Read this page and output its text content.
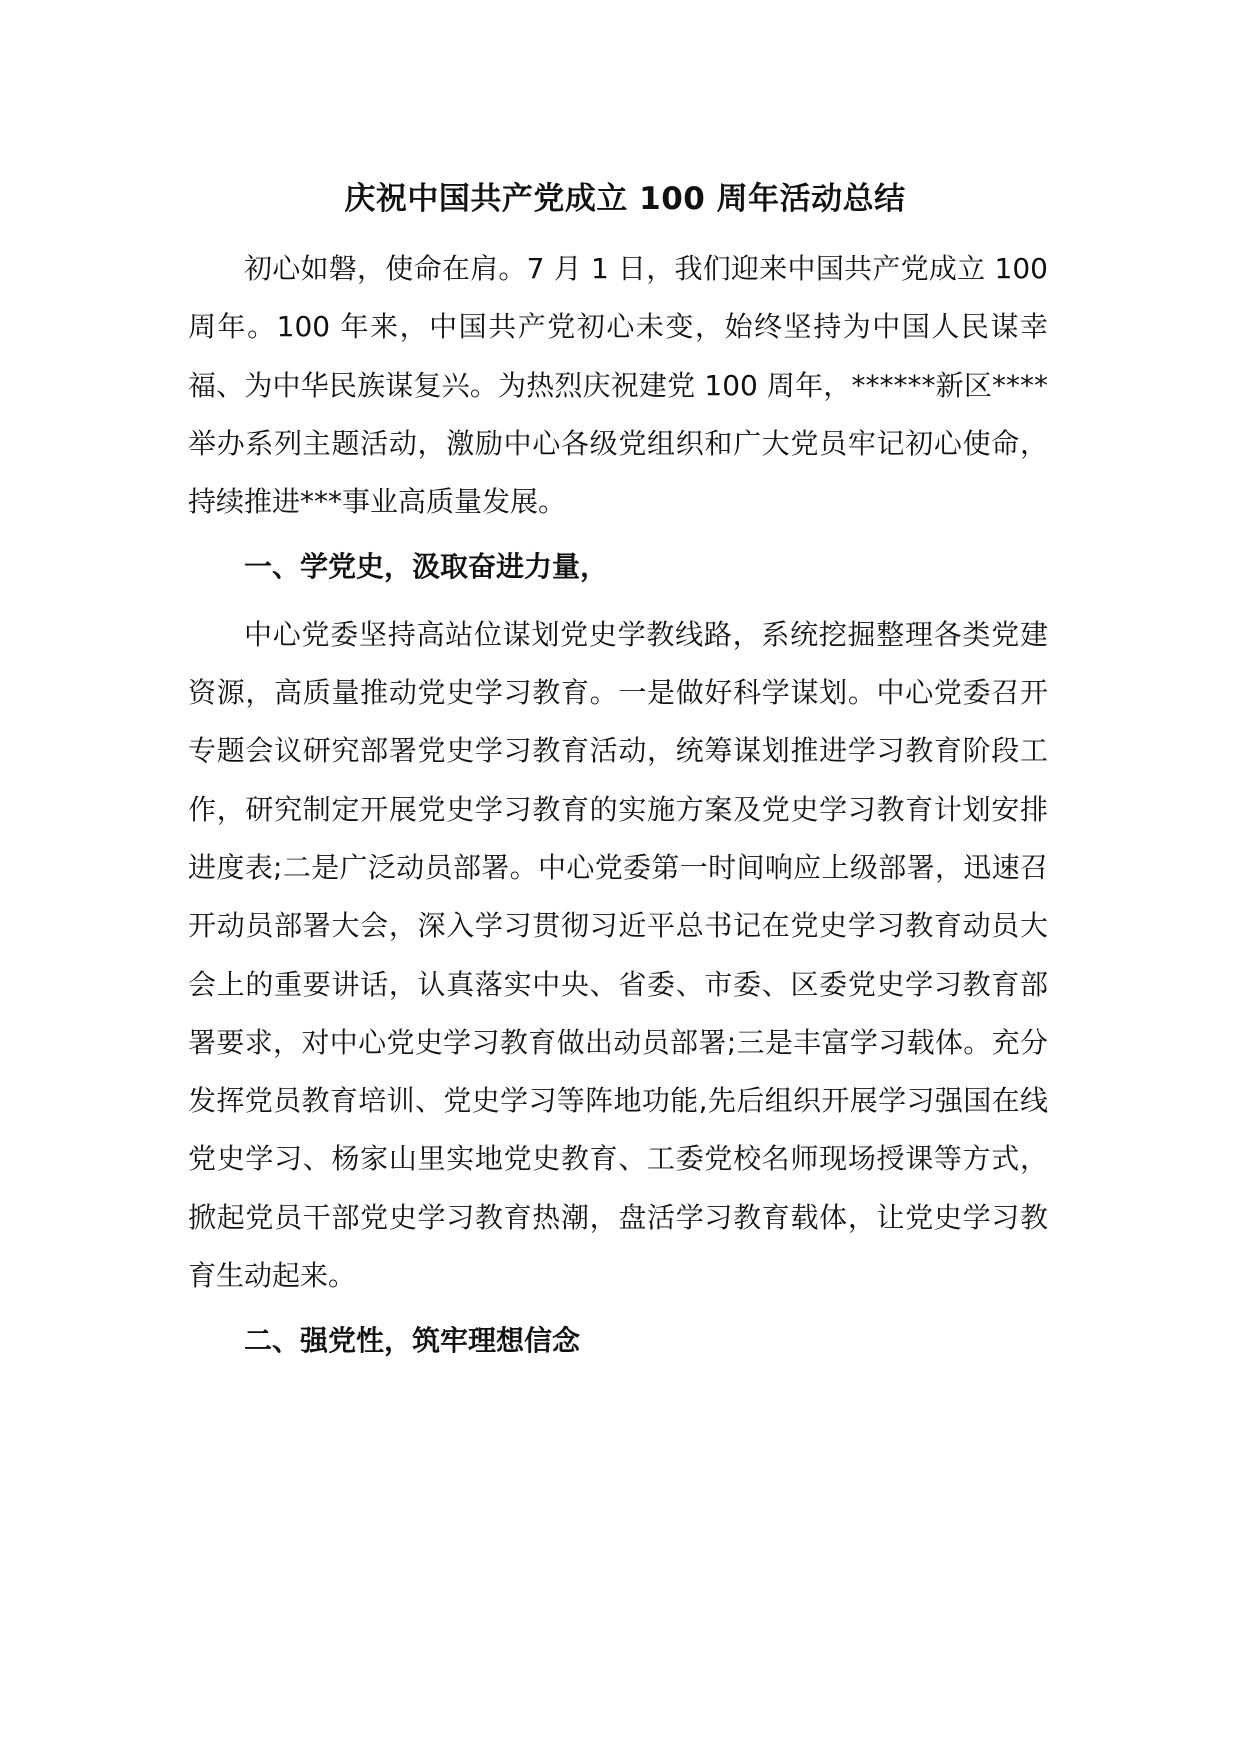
庆祝中国共产党成立 100 周年活动总结

初心如磐，使命在肩。7 月 1 日，我们迎来中国共产党成立 100 周年。100 年来，中国共产党初心未变，始终坚持为中国人民谋幸福、为中华民族谋复兴。为热烈庆祝建党 100 周年，******新区****举办系列主题活动，激励中心各级党组织和广大党员牢记初心使命，持续推进***事业高质量发展。

一、学党史，汲取奋进力量，

中心党委坚持高站位谋划党史学教线路，系统挖掘整理各类党建资源，高质量推动党史学习教育。一是做好科学谋划。中心党委召开专题会议研究部署党史学习教育活动，统筹谋划推进学习教育阶段工作，研究制定开展党史学习教育的实施方案及党史学习教育计划安排进度表;二是广泛动员部署。中心党委第一时间响应上级部署，迅速召开动员部署大会，深入学习贯彻习近平总书记在党史学习教育动员大会上的重要讲话，认真落实中央、省委、市委、区委党史学习教育部署要求，对中心党史学习教育做出动员部署;三是丰富学习载体。充分发挥党员教育培训、党史学习等阵地功能,先后组织开展学习强国在线党史学习、杨家山里实地党史教育、工委党校名师现场授课等方式，掀起党员干部党史学习教育热潮，盘活学习教育载体，让党史学习教育生动起来。

二、强党性，筑牢理想信念
